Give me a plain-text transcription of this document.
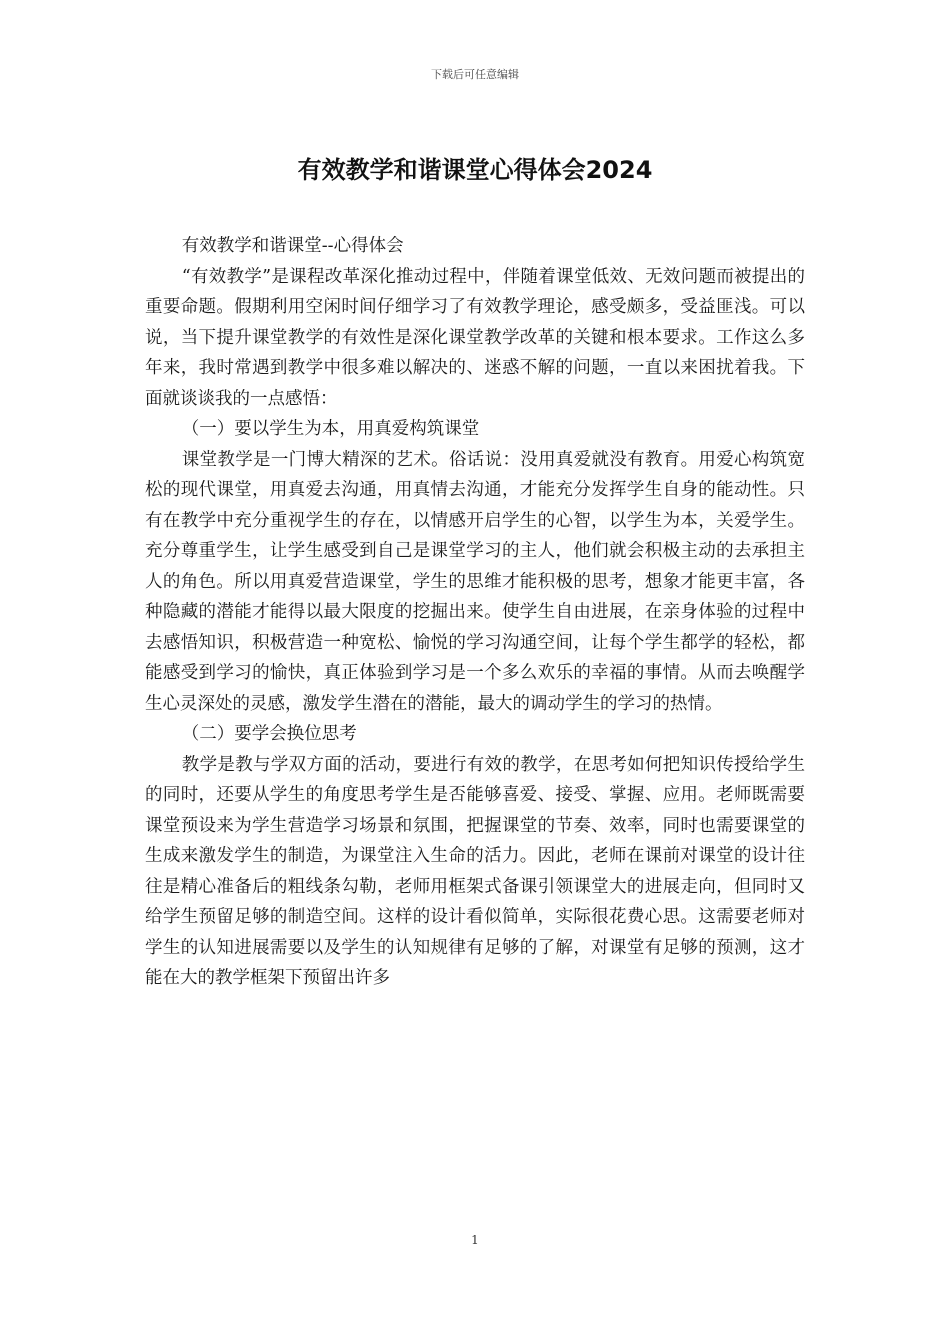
下载后可任意编辑
有效教学和谐课堂心得体会2024

有效教学和谐课堂--心得体会

“有效教学”是课程改革深化推动过程中，伴随着课堂低效、无效问题而被提出的重要命题。假期利用空闲时间仔细学习了有效教学理论，感受颇多，受益匪浅。可以说，当下提升课堂教学的有效性是深化课堂教学改革的关键和根本要求。工作这么多年来，我时常遇到教学中很多难以解决的、迷惑不解的问题，一直以来困扰着我。下面就谈谈我的一点感悟：

（一）要以学生为本，用真爱构筑课堂

课堂教学是一门博大精深的艺术。俗话说：没用真爱就没有教育。用爱心构筑宽松的现代课堂，用真爱去沟通，用真情去沟通，才能充分发挥学生自身的能动性。只有在教学中充分重视学生的存在，以情感开启学生的心智，以学生为本，关爱学生。充分尊重学生，让学生感受到自己是课堂学习的主人，他们就会积极主动的去承担主人的角色。所以用真爱营造课堂，学生的思维才能积极的思考，想象才能更丰富，各种隐藏的潜能才能得以最大限度的挖掘出来。使学生自由进展，在亲身体验的过程中去感悟知识，积极营造一种宽松、愉悦的学习沟通空间，让每个学生都学的轻松，都能感受到学习的愉快，真正体验到学习是一个多么欢乐的幸福的事情。从而去唤醒学生心灵深处的灵感，激发学生潜在的潜能，最大的调动学生的学习的热情。

（二）要学会换位思考

教学是教与学双方面的活动，要进行有效的教学，在思考如何把知识传授给学生的同时，还要从学生的角度思考学生是否能够喜爱、接受、掌握、应用。老师既需要课堂预设来为学生营造学习场景和氛围，把握课堂的节奏、效率，同时也需要课堂的生成来激发学生的制造，为课堂注入生命的活力。因此，老师在课前对课堂的设计往往是精心准备后的粗线条勾勒，老师用框架式备课引领课堂大的进展走向，但同时又给学生预留足够的制造空间。这样的设计看似简单，实际很花费心思。这需要老师对学生的认知进展需要以及学生的认知规律有足够的了解，对课堂有足够的预测，这才能在大的教学框架下预留出许多

1
